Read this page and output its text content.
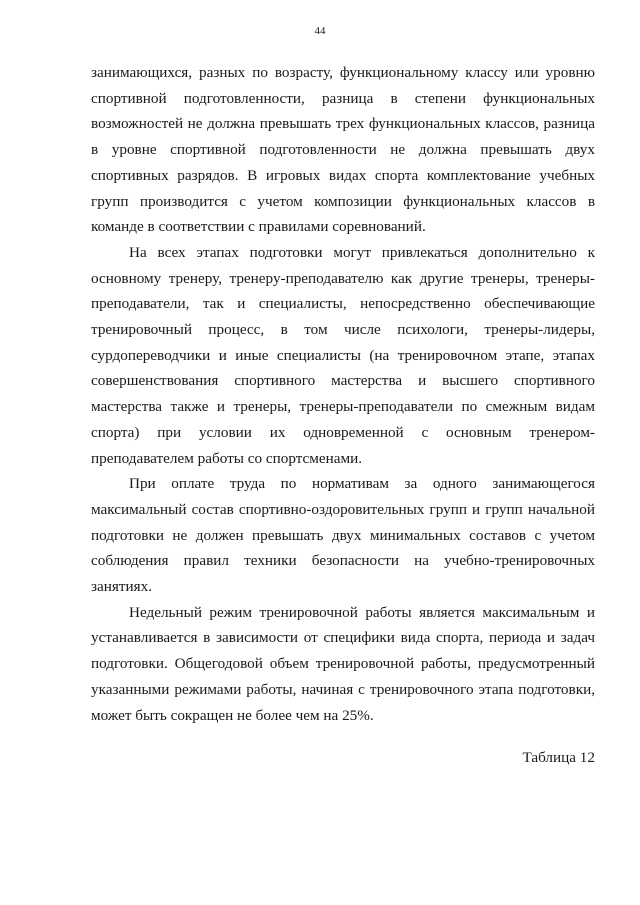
44

занимающихся, разных по возрасту, функциональному классу или уровню спортивной подготовленности, разница в степени функциональных возможностей не должна превышать трех функциональных классов, разница в уровне спортивной подготовленности не должна превышать двух спортивных разрядов. В игровых видах спорта комплектование учебных групп производится с учетом композиции функциональных классов в команде в соответствии с правилами соревнований.

На всех этапах подготовки могут привлекаться дополнительно к основному тренеру, тренеру-преподавателю как другие тренеры, тренеры-преподаватели, так и специалисты, непосредственно обеспечивающие тренировочный процесс, в том числе психологи, тренеры-лидеры, сурдопереводчики и иные специалисты (на тренировочном этапе, этапах совершенствования спортивного мастерства и высшего спортивного мастерства также и тренеры, тренеры-преподаватели по смежным видам спорта) при условии их одновременной с основным тренером-преподавателем работы со спортсменами.

При оплате труда по нормативам за одного занимающегося максимальный состав спортивно-оздоровительных групп и групп начальной подготовки не должен превышать двух минимальных составов с учетом соблюдения правил техники безопасности на учебно-тренировочных занятиях.

Недельный режим тренировочной работы является максимальным и устанавливается в зависимости от специфики вида спорта, периода и задач подготовки. Общегодовой объем тренировочной работы, предусмотренный указанными режимами работы, начиная с тренировочного этапа подготовки, может быть сокращен не более чем на 25%.

Таблица 12
